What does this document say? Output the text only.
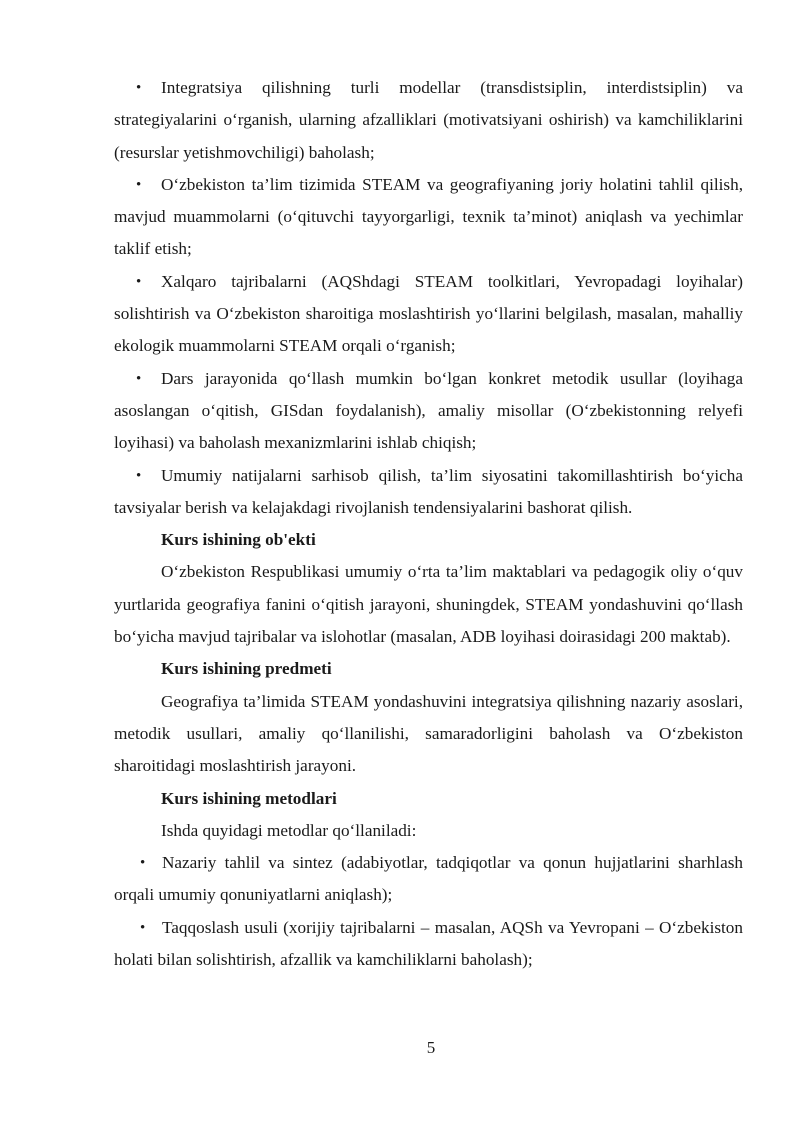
• Integratsiya qilishning turli modellar (transdistsiplin, interdistsiplin) va strategiyalarini o‘rganish, ularning afzalliklari (motivatsiyani oshirish) va kamchiliklarini (resurslar yetishmovchiligi) baholash;

• O‘zbekiston ta’lim tizimida STEAM va geografiyaning joriy holatini tahlil qilish, mavjud muammolarni (o‘qituvchi tayyorgarligi, texnik ta’minot) aniqlash va yechimlar taklif etish;

• Xalqaro tajribalarni (AQShdagi STEAM toolkitlari, Yevropadagi loyihalar) solishtirish va O‘zbekiston sharoitiga moslashtirish yo‘llarini belgilash, masalan, mahalliy ekologik muammolarni STEAM orqali o‘rganish;

• Dars jarayonida qo‘llash mumkin bo‘lgan konkret metodik usullar (loyihaga asoslangan o‘qitish, GISdan foydalanish), amaliy misollar (O‘zbekistonning relyefi loyihasi) va baholash mexanizmlarini ishlab chiqish;

• Umumiy natijalarni sarhisob qilish, ta’lim siyosatini takomillashtirish bo‘yicha tavsiyalar berish va kelajakdagi rivojlanish tendensiyalarini bashorat qilish.

Kurs ishining ob'ekti

O‘zbekiston Respublikasi umumiy o‘rta ta’lim maktablari va pedagogik oliy o‘quv yurtlarida geografiya fanini o‘qitish jarayoni, shuningdek, STEAM yondashuvini qo‘llash bo‘yicha mavjud tajribalar va islohotlar (masalan, ADB loyihasi doirasidagi 200 maktab).

Kurs ishining predmeti

Geografiya ta’limida STEAM yondashuvini integratsiya qilishning nazariy asoslari, metodik usullari, amaliy qo‘llanilishi, samaradorligini baholash va O‘zbekiston sharoitidagi moslashtirish jarayoni.

Kurs ishining metodlari

Ishda quyidagi metodlar qo‘llaniladi:

• Nazariy tahlil va sintez (adabiyotlar, tadqiqotlar va qonun hujjatlarini sharhlash orqali umumiy qonuniyatlarni aniqlash);

• Taqqoslash usuli (xorijiy tajribalarni – masalan, AQSh va Yevropani – O‘zbekiston holati bilan solishtirish, afzallik va kamchiliklarni baholash);

5
